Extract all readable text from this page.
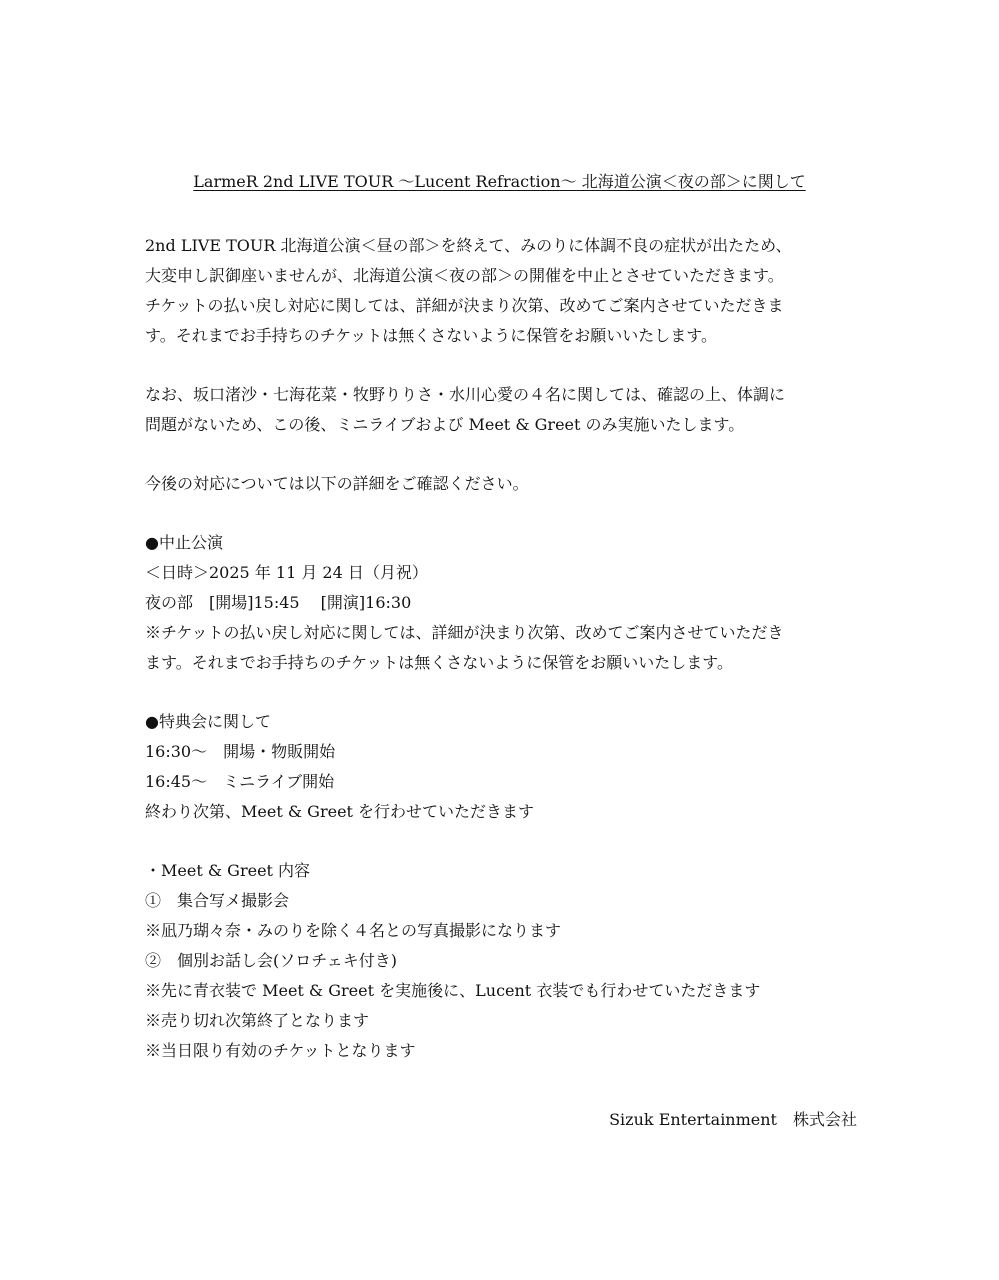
LarmeR 2nd LIVE TOUR ～Lucent Refraction～ 北海道公演＜夜の部＞に関して
2nd LIVE TOUR 北海道公演＜昼の部＞を終えて、みのりに体調不良の症状が出たため、
大変申し訳御座いませんが、北海道公演＜夜の部＞の開催を中止とさせていただきます。
チケットの払い戻し対応に関しては、詳細が決まり次第、改めてご案内させていただきま
す。それまでお手持ちのチケットは無くさないように保管をお願いいたします。
なお、坂口渚沙・七海花菜・牧野りりさ・水川心愛の４名に関しては、確認の上、体調に
問題がないため、この後、ミニライブおよび Meet & Greet のみ実施いたします。
今後の対応については以下の詳細をご確認ください。
●中止公演
＜日時＞2025 年 11 月 24 日（月祝）
夜の部　[開場]15:45　 [開演]16:30
※チケットの払い戻し対応に関しては、詳細が決まり次第、改めてご案内させていただき
ます。それまでお手持ちのチケットは無くさないように保管をお願いいたします。
●特典会に関して
16:30～　開場・物販開始
16:45～　ミニライブ開始
終わり次第、Meet & Greet を行わせていただきます
・Meet & Greet 内容
①　集合写メ撮影会
※凪乃瑚々奈・みのりを除く４名との写真撮影になります
②　個別お話し会(ソロチェキ付き)
※先に青衣装で Meet & Greet を実施後に、Lucent 衣装でも行わせていただきます
※売り切れ次第終了となります
※当日限り有効のチケットとなります
Sizuk Entertainment　株式会社
